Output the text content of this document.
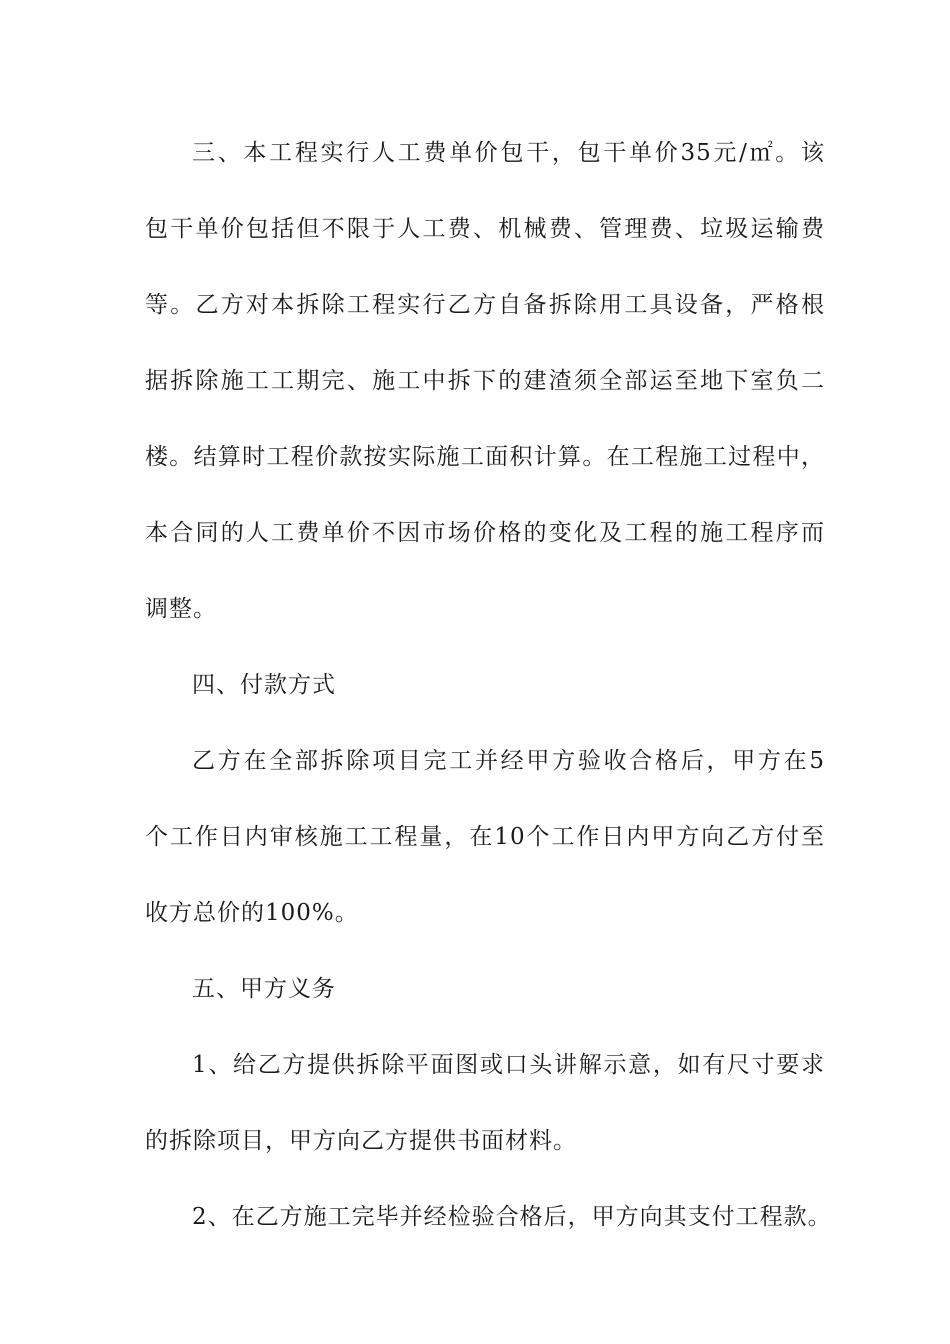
三、本工程实行人工费单价包干，包干单价35元/㎡。该
包干单价包括但不限于人工费、机械费、管理费、垃圾运输费
等。乙方对本拆除工程实行乙方自备拆除用工具设备，严格根
据拆除施工工期完、施工中拆下的建渣须全部运至地下室负二
楼。结算时工程价款按实际施工面积计算。在工程施工过程中，
本合同的人工费单价不因市场价格的变化及工程的施工程序而
调整。
四、付款方式
乙方在全部拆除项目完工并经甲方验收合格后，甲方在5
个工作日内审核施工工程量，在10个工作日内甲方向乙方付至
收方总价的100%。
五、甲方义务
1、给乙方提供拆除平面图或口头讲解示意，如有尺寸要求
的拆除项目，甲方向乙方提供书面材料。
2、在乙方施工完毕并经检验合格后，甲方向其支付工程款。
